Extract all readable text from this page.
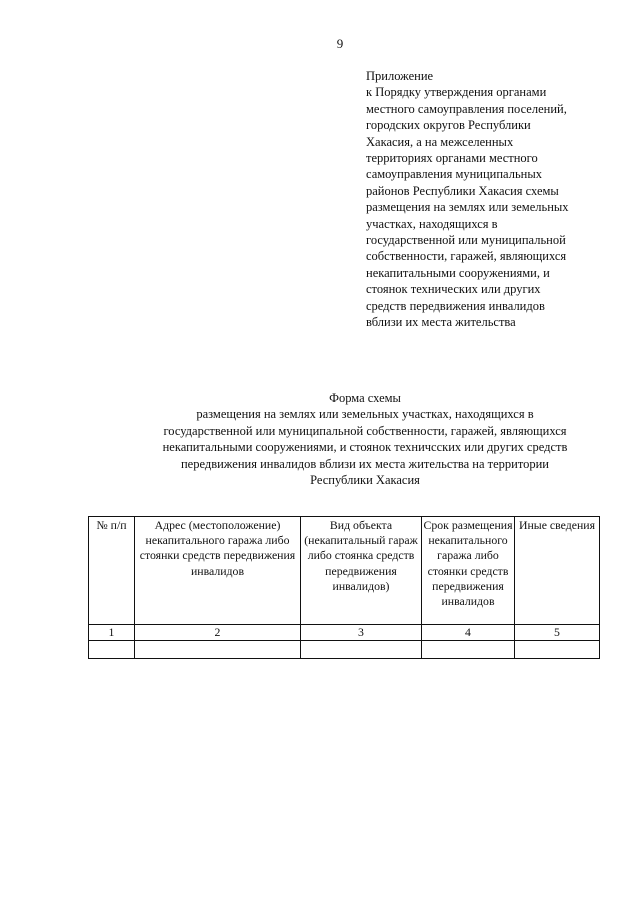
9
Приложение
к Порядку утверждения органами
местного самоуправления поселений,
городских округов Республики
Хакасия, а на межселенных
территориях органами местного
самоуправления муниципальных
районов Республики Хакасия схемы
размещения на землях или земельных
участках, находящихся в
государственной или муниципальной
собственности, гаражей, являющихся
некапитальными сооружениями, и
стоянок технических или других
средств передвижения инвалидов
вблизи их места жительства
Форма схемы
размещения на землях или земельных участках, находящихся в
государственной или муниципальной собственности, гаражей, являющихся
некапитальными сооружениями, и стоянок техничсских или других средств
передвижения инвалидов вблизи их места жительства на территории
Республики Хакасия
№ п/п	Адрес (местоположение) некапитального гаража либо стоянки средств передвижения инвалидов	Вид объекта (некапитальный гараж либо стоянка средств передвижения инвалидов)	Срок размещения некапитального гаража либо стоянки средств передвижения инвалидов	Иные сведения
1	2	3	4	5
